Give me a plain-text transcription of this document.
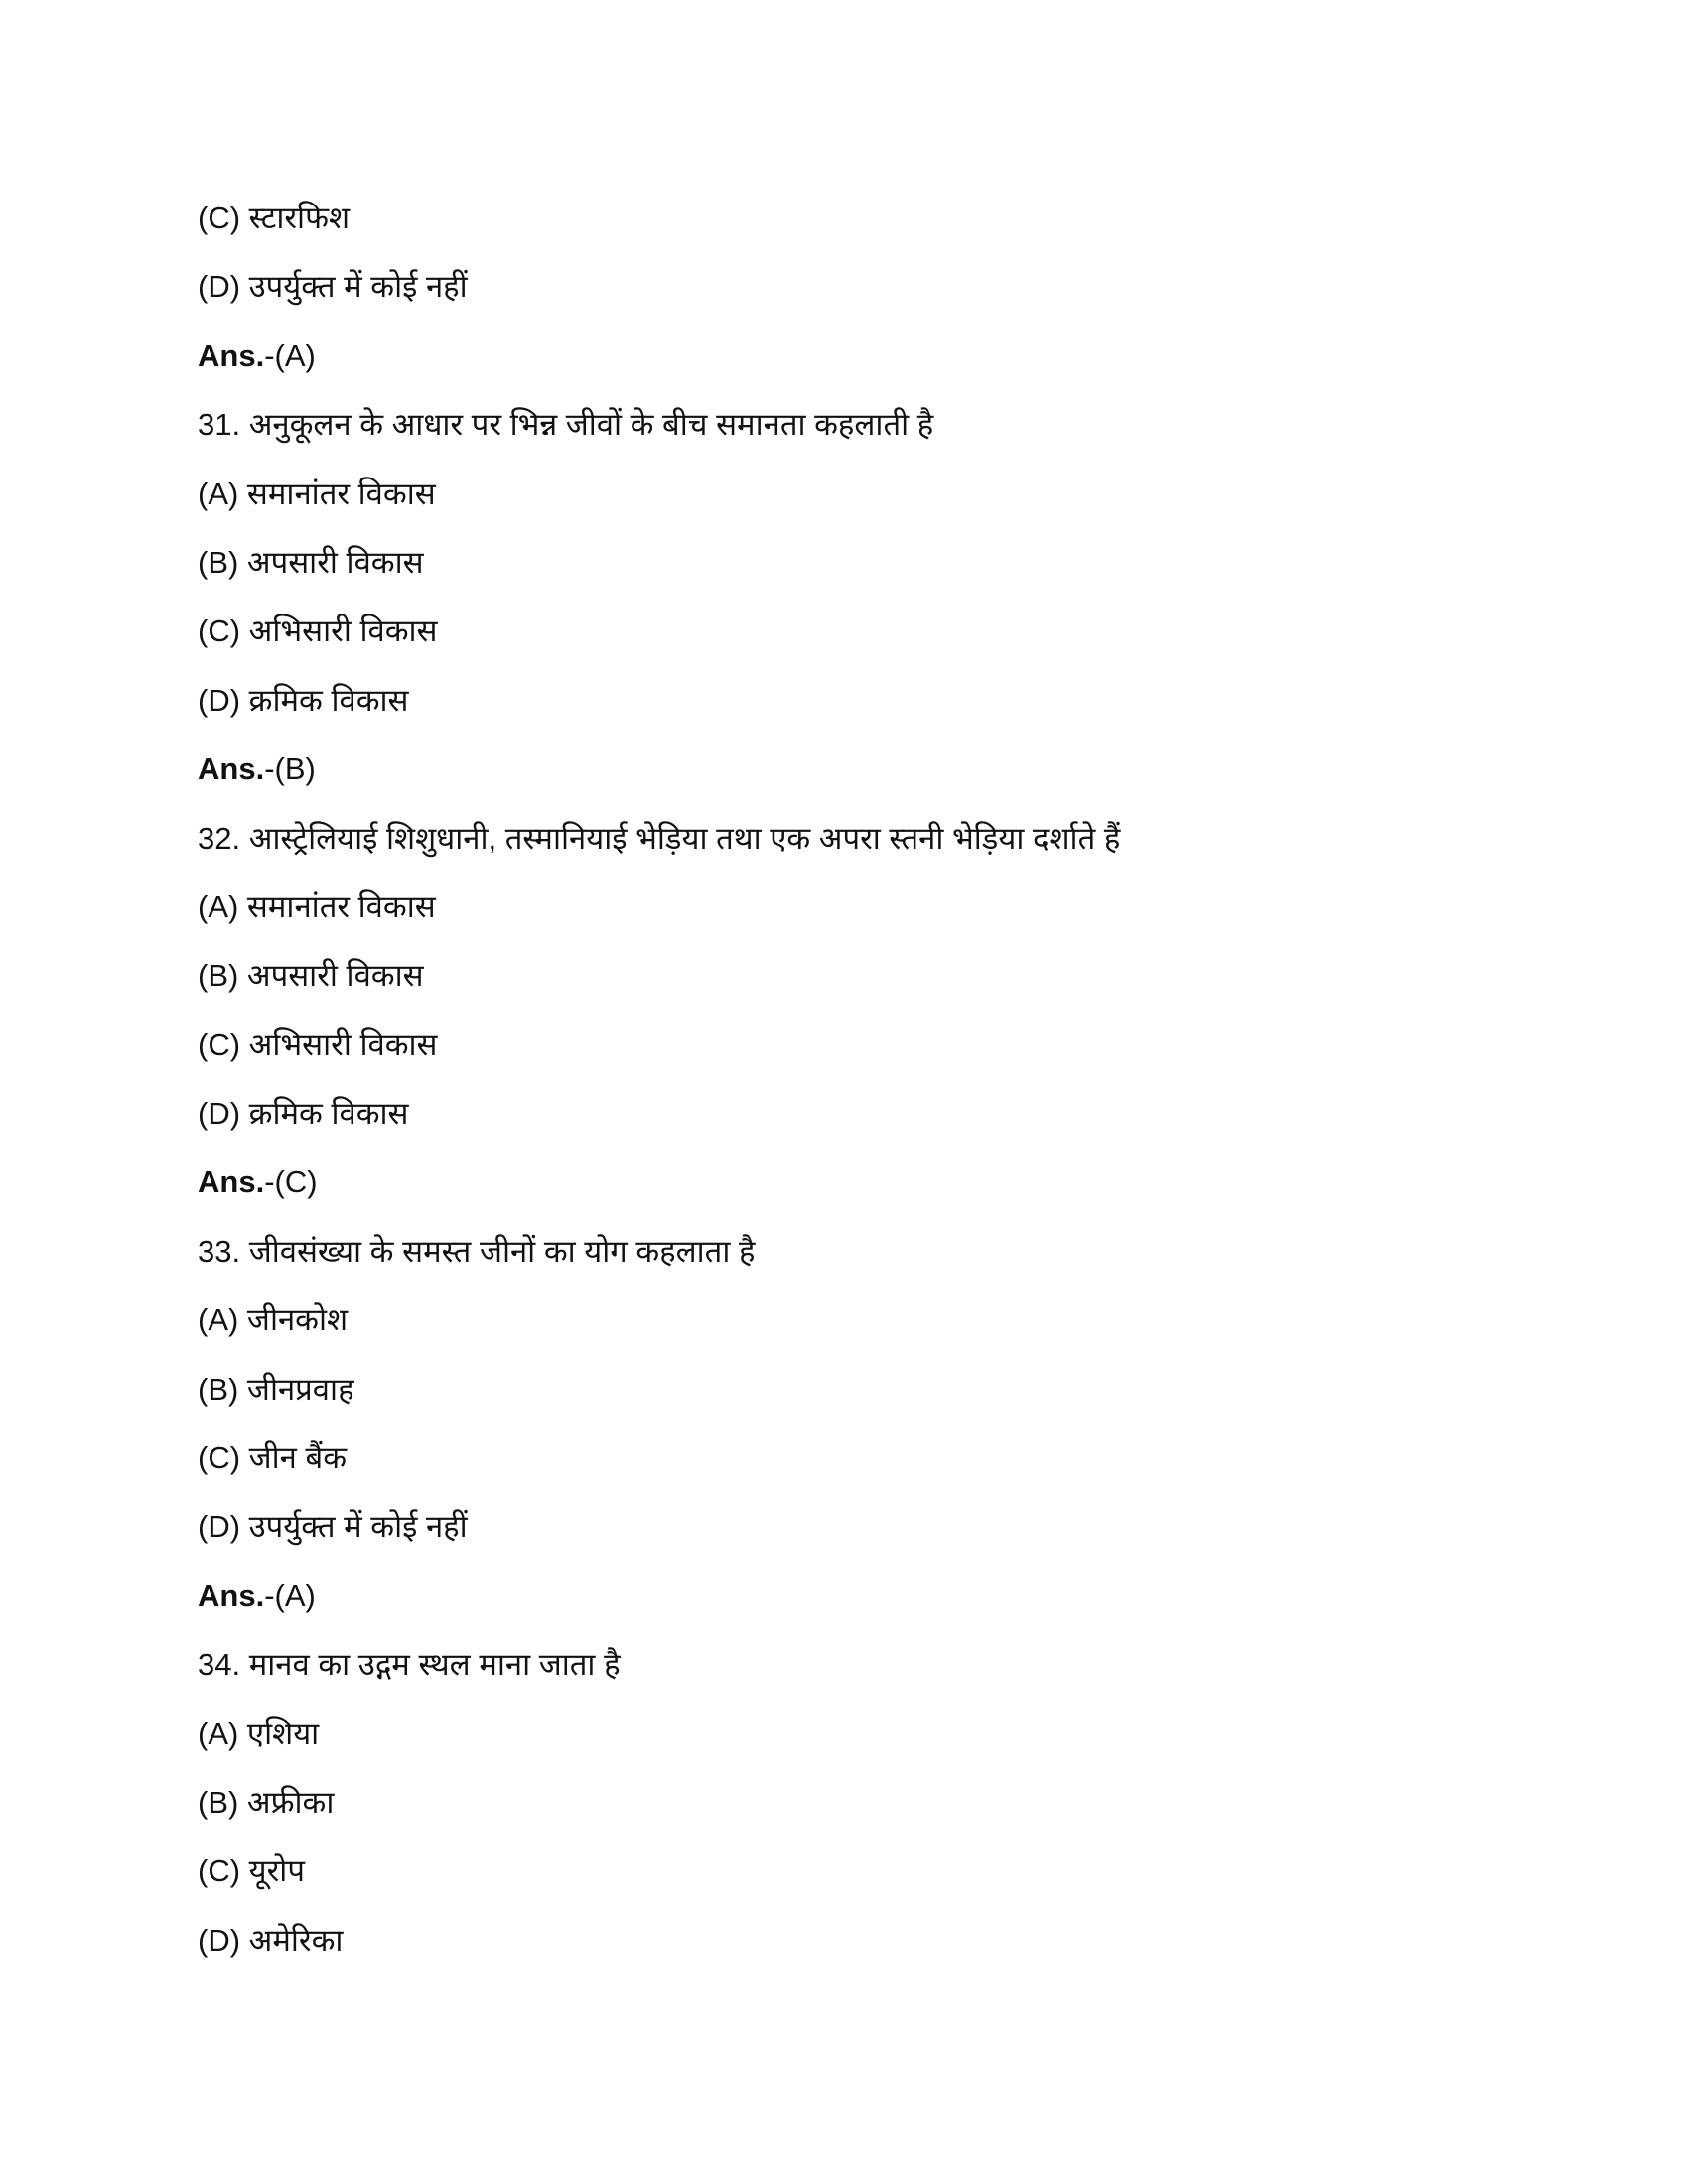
(C) स्टारफिश
(D) उपर्युक्त में कोई नहीं
Ans.-(A)
31. अनुकूलन के आधार पर भिन्न जीवों के बीच समानता कहलाती है
(A) समानांतर विकास
(B) अपसारी विकास
(C) अभिसारी विकास
(D) क्रमिक विकास
Ans.-(B)
32. आस्ट्रेलियाई शिशुधानी, तस्मानियाई भेड़िया तथा एक अपरा स्तनी भेड़िया दर्शाते हैं
(A) समानांतर विकास
(B) अपसारी विकास
(C) अभिसारी विकास
(D) क्रमिक विकास
Ans.-(C)
33. जीवसंख्या के समस्त जीनों का योग कहलाता है
(A) जीनकोश
(B) जीनप्रवाह
(C) जीन बैंक
(D) उपर्युक्त में कोई नहीं
Ans.-(A)
34. मानव का उद्गम स्थल माना जाता है
(A) एशिया
(B) अफ्रीका
(C) यूरोप
(D) अमेरिका
